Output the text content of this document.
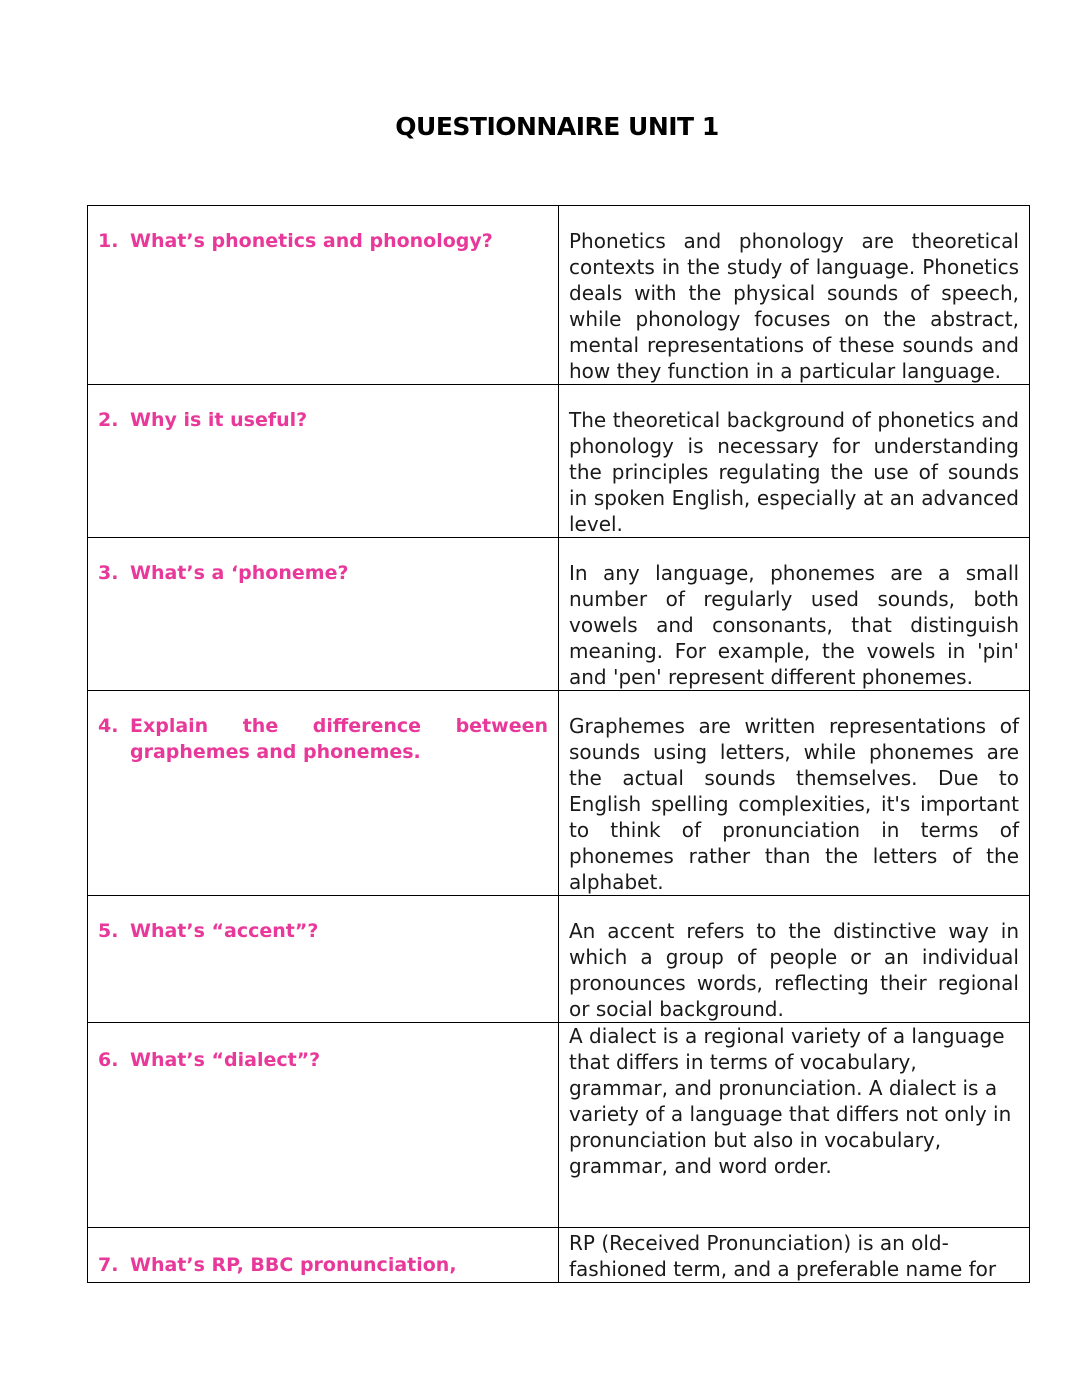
QUESTIONNAIRE UNIT 1
1. What’s phonetics and phonology?	Phonetics and phonology are theoretical contexts in the study of language. Phonetics deals with the physical sounds of speech, while phonology focuses on the abstract, mental representations of these sounds and how they function in a particular language.

2. Why is it useful?	The theoretical background of phonetics and phonology is necessary for understanding the principles regulating the use of sounds in spoken English, especially at an advanced level.

3. What’s a ‘phoneme?	In any language, phonemes are a small number of regularly used sounds, both vowels and consonants, that distinguish meaning. For example, the vowels in 'pin' and 'pen' represent different phonemes.

4. Explain the difference between graphemes and phonemes.	Graphemes are written representations of sounds using letters, while phonemes are the actual sounds themselves. Due to English spelling complexities, it's important to think of pronunciation in terms of phonemes rather than the letters of the alphabet.

5. What’s “accent”?	An accent refers to the distinctive way in which a group of people or an individual pronounces words, reflecting their regional or social background.

6. What’s “dialect”?	A dialect is a regional variety of a language that differs in terms of vocabulary, grammar, and pronunciation. A dialect is a variety of a language that differs not only in pronunciation but also in vocabulary, grammar, and word order.

7. What’s RP, BBC pronunciation,	RP (Received Pronunciation) is an old-fashioned term, and a preferable name for
